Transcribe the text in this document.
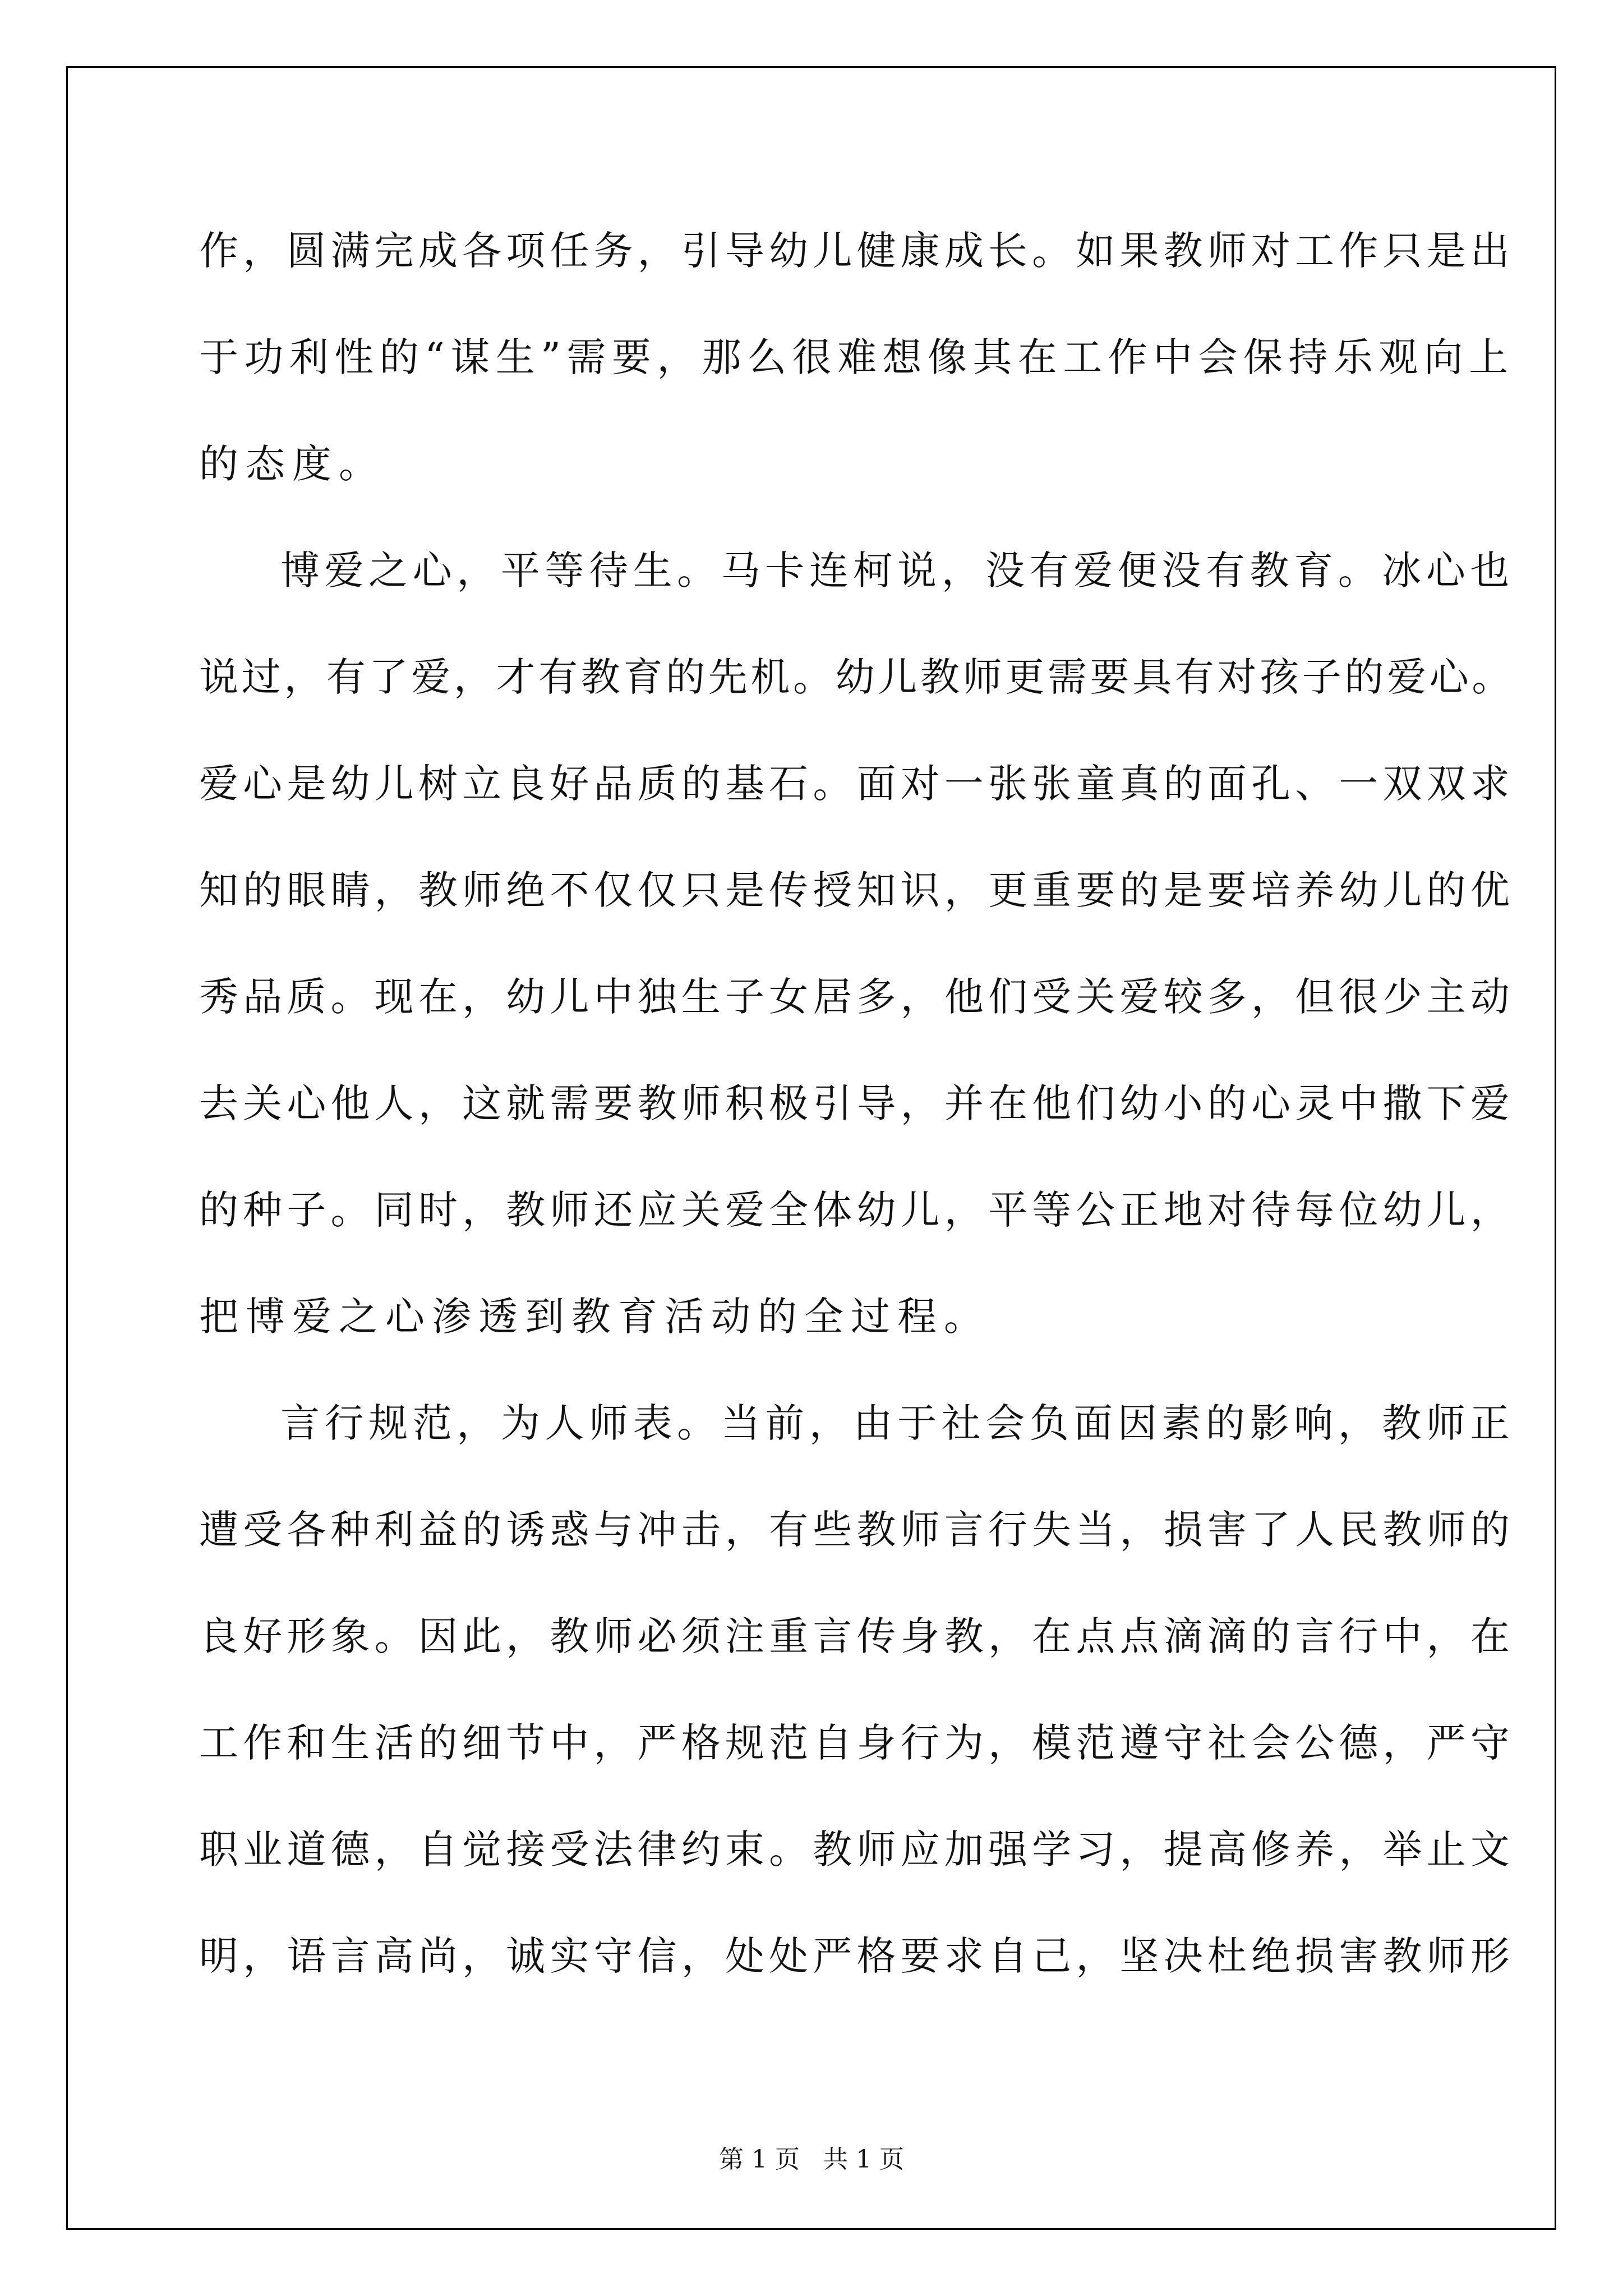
作，圆满完成各项任务，引导幼儿健康成长。如果教师对工作只是出
于功利性的“谋生”需要，那么很难想像其在工作中会保持乐观向上
的态度。
博爱之心，平等待生。马卡连柯说，没有爱便没有教育。冰心也
说过，有了爱，才有教育的先机。幼儿教师更需要具有对孩子的爱心。
爱心是幼儿树立良好品质的基石。面对一张张童真的面孔、一双双求
知的眼睛，教师绝不仅仅只是传授知识，更重要的是要培养幼儿的优
秀品质。现在，幼儿中独生子女居多，他们受关爱较多，但很少主动
去关心他人，这就需要教师积极引导，并在他们幼小的心灵中撒下爱
的种子。同时，教师还应关爱全体幼儿，平等公正地对待每位幼儿，
把博爱之心渗透到教育活动的全过程。
言行规范，为人师表。当前，由于社会负面因素的影响，教师正
遭受各种利益的诱惑与冲击，有些教师言行失当，损害了人民教师的
良好形象。因此，教师必须注重言传身教，在点点滴滴的言行中，在
工作和生活的细节中，严格规范自身行为，模范遵守社会公德，严守
职业道德，自觉接受法律约束。教师应加强学习，提高修养，举止文
明，语言高尚，诚实守信，处处严格要求自己，坚决杜绝损害教师形
第 1 页   共 1 页
